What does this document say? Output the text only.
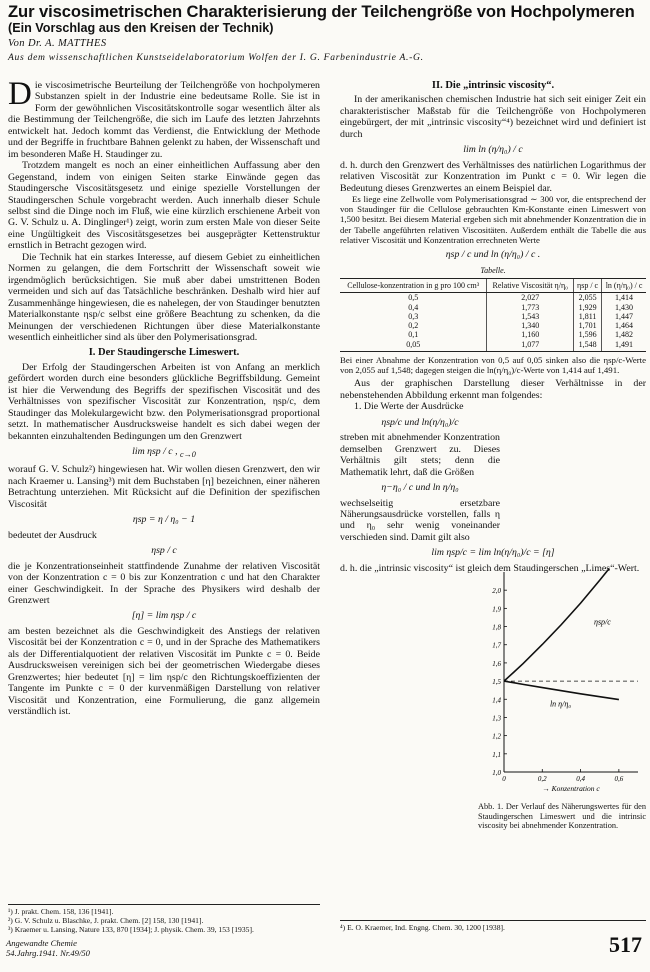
Zur viscosimetrischen Charakterisierung der Teilchengröße von Hochpolymeren
(Ein Vorschlag aus den Kreisen der Technik)
Von Dr. A. MATTHES
Aus dem wissenschaftlichen Kunstseidelaboratorium Wolfen der I. G. Farbenindustrie A.-G.

Die viscosimetrische Beurteilung der Teilchengröße von hochpolymeren Substanzen spielt in der Industrie eine bedeutsame Rolle. Sie ist in Form der gewöhnlichen Viscositätskontrolle sogar wesentlich älter als die Bestimmung der Teilchengröße, die sich im Laufe des letzten Jahrzehnts entwickelt hat. Jedoch kommt das Verdienst, die Entwicklung der Methode und der Begriffe in fruchtbare Bahnen gelenkt zu haben, der Wissenschaft und im besonderen Maße H. Staudinger zu.

Trotzdem mangelt es noch an einer einheitlichen Auffassung aber den Gegenstand, indem von einigen Seiten starke Einwände gegen das Staudingersche Viscositätsgesetz und einige spezielle Vorstellungen der Staudingerschen Schule vorgebracht werden. Auch innerhalb dieser Schule selbst sind die Dinge noch im Fluß, wie eine kürzlich erschienene Arbeit von G. V. Schulz u. A. Dinglinger¹) zeigt, worin zum ersten Male von dieser Seite eine Ungültigkeit des Viscositätsgesetzes bei ausgeprägter Kettenstruktur ernstlich in Betracht gezogen wird.

Die Technik hat ein starkes Interesse, auf diesem Gebiet zu einheitlichen Normen zu gelangen, die dem Fortschritt der Wissenschaft soweit wie irgendmöglich berücksichtigen. Sie muß aber dabei umstrittenen Boden vermeiden und sich auf das Tatsächliche beschränken. Deshalb wird hier auf Zusammenhänge hingewiesen, die es nahelegen, der von Staudinger benutzten Materialkonstante ηsp/c selbst eine größere Beachtung zu schenken, da die Meinungen der verschiedenen Richtungen über diese Materialkonstante wesentlich einheitlicher sind als über den Polymerisationsgrad.

I. Der Staudingersche Limeswert.

Der Erfolg der Staudingerschen Arbeiten ist von Anfang an merklich gefördert worden durch eine besonders glückliche Begriffsbildung. Gemeint ist hier die Verwendung des Begriffs der spezifischen Viscosität und des Verhältnisses von spezifischer Viscosität zur Konzentration, ηsp/c, dem Staudinger das Molekulargewicht bzw. den Polymerisationsgrad proportional setzt. In mathematischer Ausdrucksweise handelt es sich dabei wegen der bekannten einzuhaltenden Bedingungen um den Grenzwert

lim ηsp / c , $_{c\to 0}$

worauf G. V. Schulz²) hingewiesen hat. Wir wollen diesen Grenzwert, den wir nach Kraemer u. Lansing³) mit dem Buchstaben [η] bezeichnen, einer näheren Betrachtung unterziehen. Mit Rücksicht auf die Definition der spezifischen Viscosität

ηsp = η / η₀ − 1

bedeutet der Ausdruck

ηsp / c

die je Konzentrationseinheit stattfindende Zunahme der relativen Viscosität von der Konzentration c = 0 bis zur Konzentration c und hat den Charakter einer Geschwindigkeit. In der Sprache des Physikers wird deshalb der Grenzwert

[η] = lim ηsp / c

am besten bezeichnet als die Geschwindigkeit des Anstiegs der relativen Viscosität bei der Konzentration c = 0, und in der Sprache des Mathematikers als der Differentialquotient der relativen Viscosität im Punkte c = 0. Beide Ausdrucksweisen vereinigen sich bei der geometrischen Wiedergabe dieses Grenzwertes; hier bedeutet [η] = lim ηsp/c den Richtungskoeffizienten der Tangente im Punkte c = 0 der kurvenmäßigen Darstellung von relativer Viscosität und Konzentration, eine Formulierung, die ganz allgemein verständlich ist.

¹) J. prakt. Chem. 158, 136 [1941].
²) G. V. Schulz u. Blaschke, J. prakt. Chem. [2] 158, 130 [1941].
³) Kraemer u. Lansing, Nature 133, 870 [1934]; J. physik. Chem. 39, 153 [1935].
II. Die „intrinsic viscosity“.

In der amerikanischen chemischen Industrie hat sich seit einiger Zeit ein charakteristischer Maßstab für die Teilchengröße von Hochpolymeren eingebürgert, der mit „intrinsic viscosity“⁴) bezeichnet wird und definiert ist durch

lim ln (η/η₀) / c

d. h. durch den Grenzwert des Verhältnisses des natürlichen Logarithmus der relativen Viscosität zur Konzentration im Punkt c = 0. Wir legen die Bedeutung dieses Grenzwertes an einem Beispiel dar.

Es liege eine Zellwolle vom Polymerisationsgrad ∼ 300 vor, die entsprechend der von Staudinger für die Cellulose gebrauchten Km-Konstante einen Limeswert von 1,500 besitzt. Bei diesem Material ergeben sich mit abnehmender Konzentration die in der Tabelle angeführten relativen Viscositäten. Außerdem enthält die Tabelle die aus relativer Viscosität und Konzentration errechneten Werte

ηsp / c und ln (η/η₀) / c .
Tabelle.
Cellulose-konzentration in g pro 100 cm³	Relative Viscosität η/η₀	ηsp / c	ln (η/η₀) / c
0,5	2,027	2,055	1,414
0,4	1,773	1,929	1,430
0,3	1,543	1,811	1,447
0,2	1,340	1,701	1,464
0,1	1,160	1,596	1,482
0,05	1,077	1,548	1,491

Bei einer Abnahme der Konzentration von 0,5 auf 0,05 sinken also die ηsp/c-Werte von 2,055 auf 1,548; dagegen steigen die ln(η/η₀)/c-Werte von 1,414 auf 1,491.

Aus der graphischen Darstellung dieser Verhältnisse in der nebenstehenden Abbildung erkennt man folgendes:

1. Die Werte der Ausdrücke

ηsp/c und ln(η/η₀)/c

streben mit abnehmender Konzentration demselben Grenzwert zu. Dieses Verhältnis gilt stets; denn die Mathematik lehrt, daß die Größen

η−η₀ / c und ln η/η₀

wechselseitig ersetzbare Näherungsausdrücke vorstellen, falls η und η₀ sehr wenig voneinander verschieden sind. Damit gilt also

lim ηsp/c = lim ln(η/η₀)/c = [η]

d. h. die „intrinsic viscosity“ ist gleich dem Staudingerschen „Limes“-Wert.

⁴) E. O. Kraemer, Ind. Engng. Chem. 30, 1200 [1938].
1,0
1,1
1,2
1,3
1,4
1,5
1,6
1,7
1,8
1,9
2,0
0	0,2	0,4	0,6
ηsp/c
ln η/η₀
→ Konzentration c
Abb. 1. Der Verlauf des Näherungswertes für den Staudingerschen Limeswert und die intrinsic viscosity bei abnehmender Konzentration.
Angewandte Chemie
54.Jahrg.1941. Nr.49/50	517
